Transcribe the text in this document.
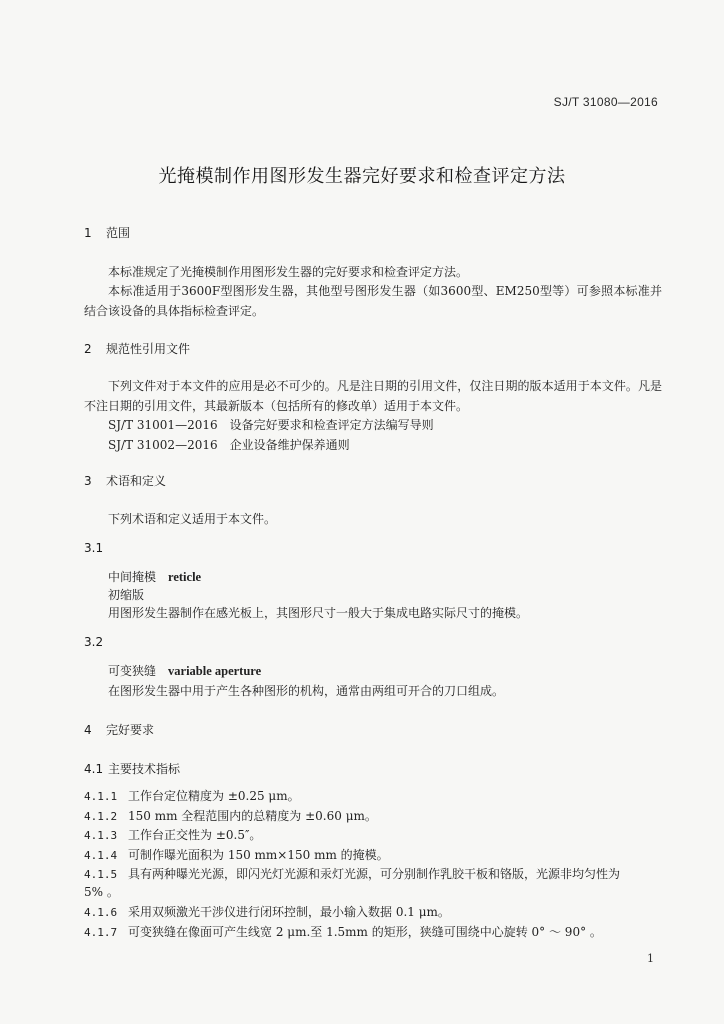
SJ/T 31080—2016
光掩模制作用图形发生器完好要求和检查评定方法
1 范围
本标准规定了光掩模制作用图形发生器的完好要求和检查评定方法。
本标准适用于3600F型图形发生器，其他型号图形发生器（如3600型、EM250型等）可参照本标准并结合该设备的具体指标检查评定。
2 规范性引用文件
下列文件对于本文件的应用是必不可少的。凡是注日期的引用文件，仅注日期的版本适用于本文件。凡是不注日期的引用文件，其最新版本（包括所有的修改单）适用于本文件。
SJ/T 31001—2016　设备完好要求和检查评定方法编写导则
SJ/T 31002—2016　企业设备维护保养通则
3 术语和定义
下列术语和定义适用于本文件。
3.1
中间掩模 reticle
初缩版
用图形发生器制作在感光板上，其图形尺寸一般大于集成电路实际尺寸的掩模。
3.2
可变狭缝 variable aperture
在图形发生器中用于产生各种图形的机构，通常由两组可开合的刀口组成。
4 完好要求
4.1 主要技术指标
4.1.1 工作台定位精度为 ±0.25 μm。
4.1.2 150 mm 全程范围内的总精度为 ±0.60 μm。
4.1.3 工作台正交性为 ±0.5″。
4.1.4 可制作曝光面积为 150 mm×150 mm 的掩模。
4.1.5 具有两种曝光光源，即闪光灯光源和汞灯光源，可分别制作乳胶干板和铬版，光源非均匀性为
5% 。
4.1.6 采用双频激光干涉仪进行闭环控制，最小输入数据 0.1 μm。
4.1.7 可变狭缝在像面可产生线宽 2 μm.至 1.5mm 的矩形，狭缝可围绕中心旋转 0° ～ 90° 。
1
